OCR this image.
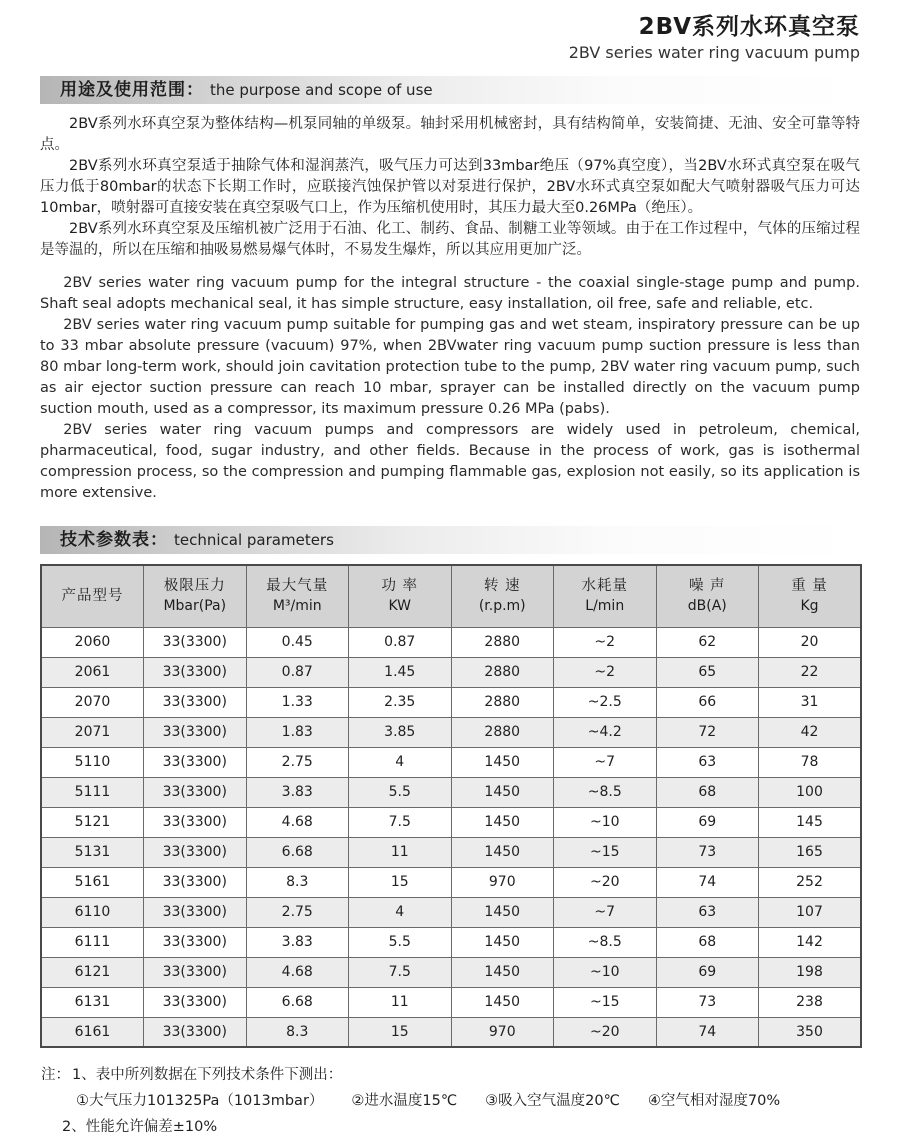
2BV系列水环真空泵
2BV series water ring vacuum pump
用途及使用范围： the purpose and scope of use

2BV系列水环真空泵为整体结构—机泵同轴的单级泵。轴封采用机械密封，具有结构简单，安装简捷、无油、安全可靠等特点。

2BV系列水环真空泵适于抽除气体和湿润蒸汽，吸气压力可达到33mbar绝压（97%真空度），当2BV水环式真空泵在吸气压力低于80mbar的状态下长期工作时，应联接汽蚀保护管以对泵进行保护，2BV水环式真空泵如配大气喷射器吸气压力可达10mbar，喷射器可直接安装在真空泵吸气口上，作为压缩机使用时，其压力最大至0.26MPa（绝压）。

2BV系列水环真空泵及压缩机被广泛用于石油、化工、制药、食品、制糖工业等领域。由于在工作过程中，气体的压缩过程是等温的，所以在压缩和抽吸易燃易爆气体时，不易发生爆炸，所以其应用更加广泛。

2BV series water ring vacuum pump for the integral structure - the coaxial single-stage pump and pump. Shaft seal adopts mechanical seal, it has simple structure, easy installation, oil free, safe and reliable, etc.

2BV series water ring vacuum pump suitable for pumping gas and wet steam, inspiratory pressure can be up to 33 mbar absolute pressure (vacuum) 97%, when 2BVwater ring vacuum pump suction pressure is less than 80 mbar long-term work, should join cavitation protection tube to the pump, 2BV water ring vacuum pump, such as air ejector suction pressure can reach 10 mbar, sprayer can be installed directly on the vacuum pump suction mouth, used as a compressor, its maximum pressure 0.26 MPa (pabs).

2BV series water ring vacuum pumps and compressors are widely used in petroleum, chemical, pharmaceutical, food, sugar industry, and other fields. Because in the process of work, gas is isothermal compression process, so the compression and pumping flammable gas, explosion not easily, so its application is more extensive.

技术参数表： technical parameters
产品型号

极限压力
Mbar(Pa)

最大气量
M³/min

功 率
KW

转 速
(r.p.m)

水耗量
L/min

噪 声
dB(A)

重 量
Kg

2060	33(3300)	0.45	0.87	2880	~2	62	20
2061	33(3300)	0.87	1.45	2880	~2	65	22
2070	33(3300)	1.33	2.35	2880	~2.5	66	31
2071	33(3300)	1.83	3.85	2880	~4.2	72	42
5110	33(3300)	2.75	4	1450	~7	63	78
5111	33(3300)	3.83	5.5	1450	~8.5	68	100
5121	33(3300)	4.68	7.5	1450	~10	69	145
5131	33(3300)	6.68	11	1450	~15	73	165
5161	33(3300)	8.3	15	970	~20	74	252
6110	33(3300)	2.75	4	1450	~7	63	107
6111	33(3300)	3.83	5.5	1450	~8.5	68	142
6121	33(3300)	4.68	7.5	1450	~10	69	198
6131	33(3300)	6.68	11	1450	~15	73	238
6161	33(3300)	8.3	15	970	~20	74	350
注： 1、表中所列数据在下列技术条件下测出：
①大气压力101325Pa（1013mbar） ②进水温度15℃ ③吸入空气温度20℃ ④空气相对湿度70%
2、性能允许偏差±10%
